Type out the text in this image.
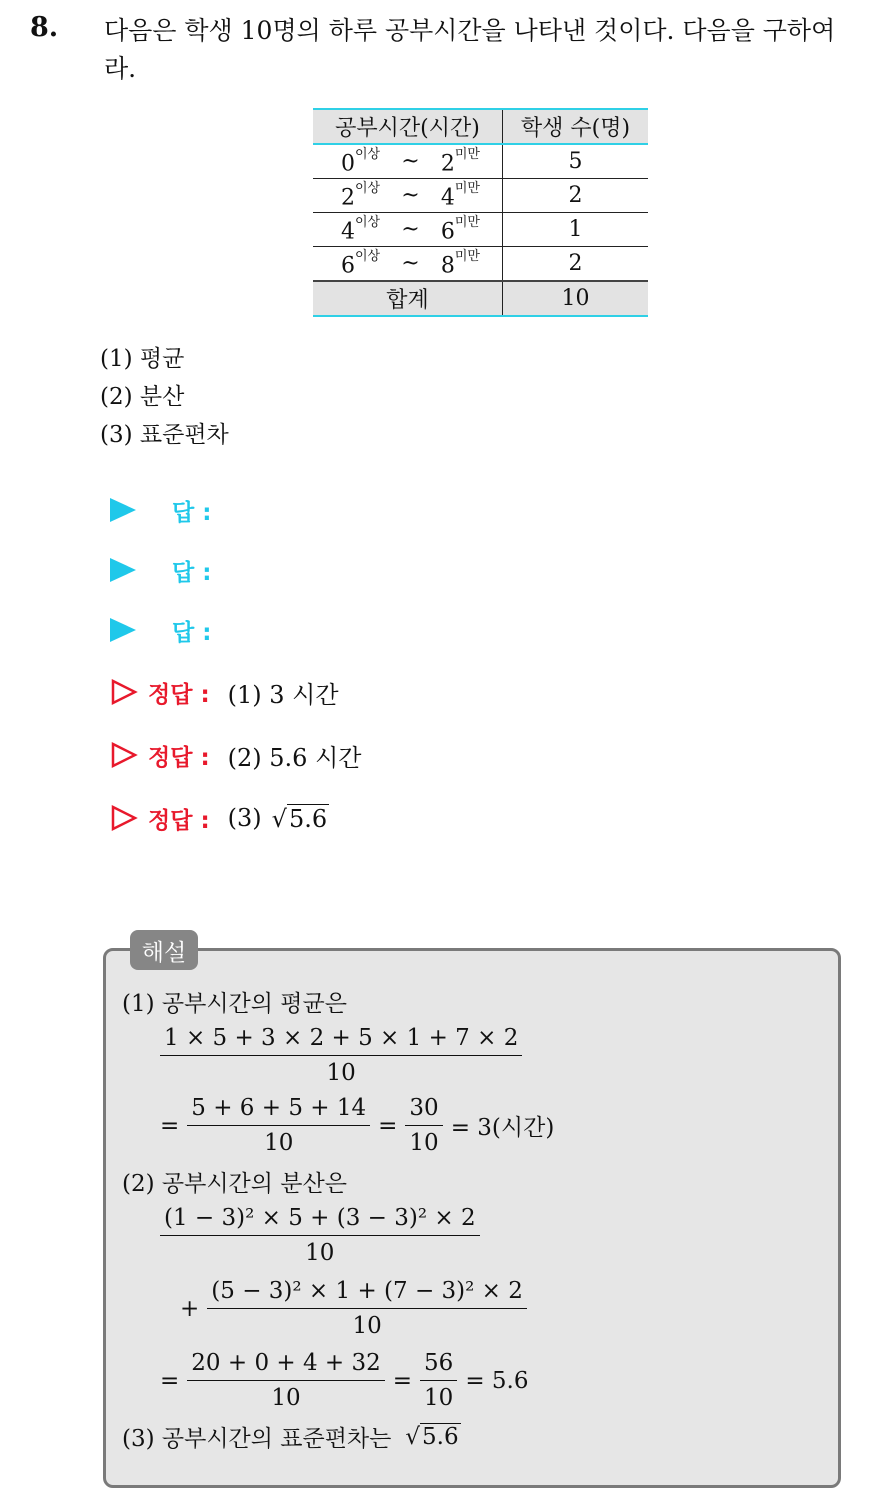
8. 다음은 학생 10명의 하루 공부시간을 나타낸 것이다. 다음을 구하여라.
공부시간(시간)	학생 수(명)

$0^{이상}$ ~ $2^{미만}$	5

$2^{이상}$ ~ $4^{미만}$	2

$4^{이상}$ ~ $6^{미만}$	1

$6^{이상}$ ~ $8^{미만}$	2
합계	10
(1) 평균
(2) 분산
(3) 표준편차
답 :
답 :
답 :
정답 : (1) 3 시간
정답 : (2) 5.6 시간
정답 : (3) √ 5.6
해설
(1) 공부시간의 평균은
$\frac{1 \times 5 + 3 \times 2 + 5 \times 1 + 7 \times 2}{10}$
= $\frac{5 + 6 + 5 + 14}{10} = \frac{30}{10} = 3$(시간)
(2) 공부시간의 분산은
$\frac{\text{(1 − 3)² × 5 + (3 − 3)² × 2}}{10}$
+ $\frac{\text{(5 − 3)² × 1 + (7 − 3)² × 2}}{10}$
= $\frac{20 + 0 + 4 + 32}{10} = \frac{56}{10} = 5.6$
(3) 공부시간의 표준편차는 √ 5.6
